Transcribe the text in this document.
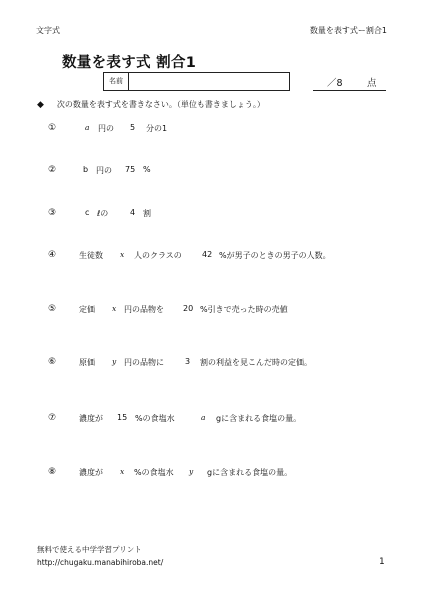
文字式	数量を表す式ー割合1
数量を表す式 割合1
名前	／8	点
◆ 次の数量を表す式を書きなさい。（単位も書きましょう。）
①	a 円の 5 分の1
②	b 円の 75 %
③	c ℓの	4 割
④	生徒数 x 人のクラスの	42 %が男子のときの男子の人数。
⑤	定価 x 円の品物を 20 %引きで売った時の売値
⑥	原価 y 円の品物に	3 割の利益を見こんだ時の定価。
⑦	濃度が 15 %の食塩水	a gに含まれる食塩の量。
⑧	濃度が x %の食塩水 y gに含まれる食塩の量。
無料で使える中学学習プリント
http://chugaku.manabihiroba.net/	1
